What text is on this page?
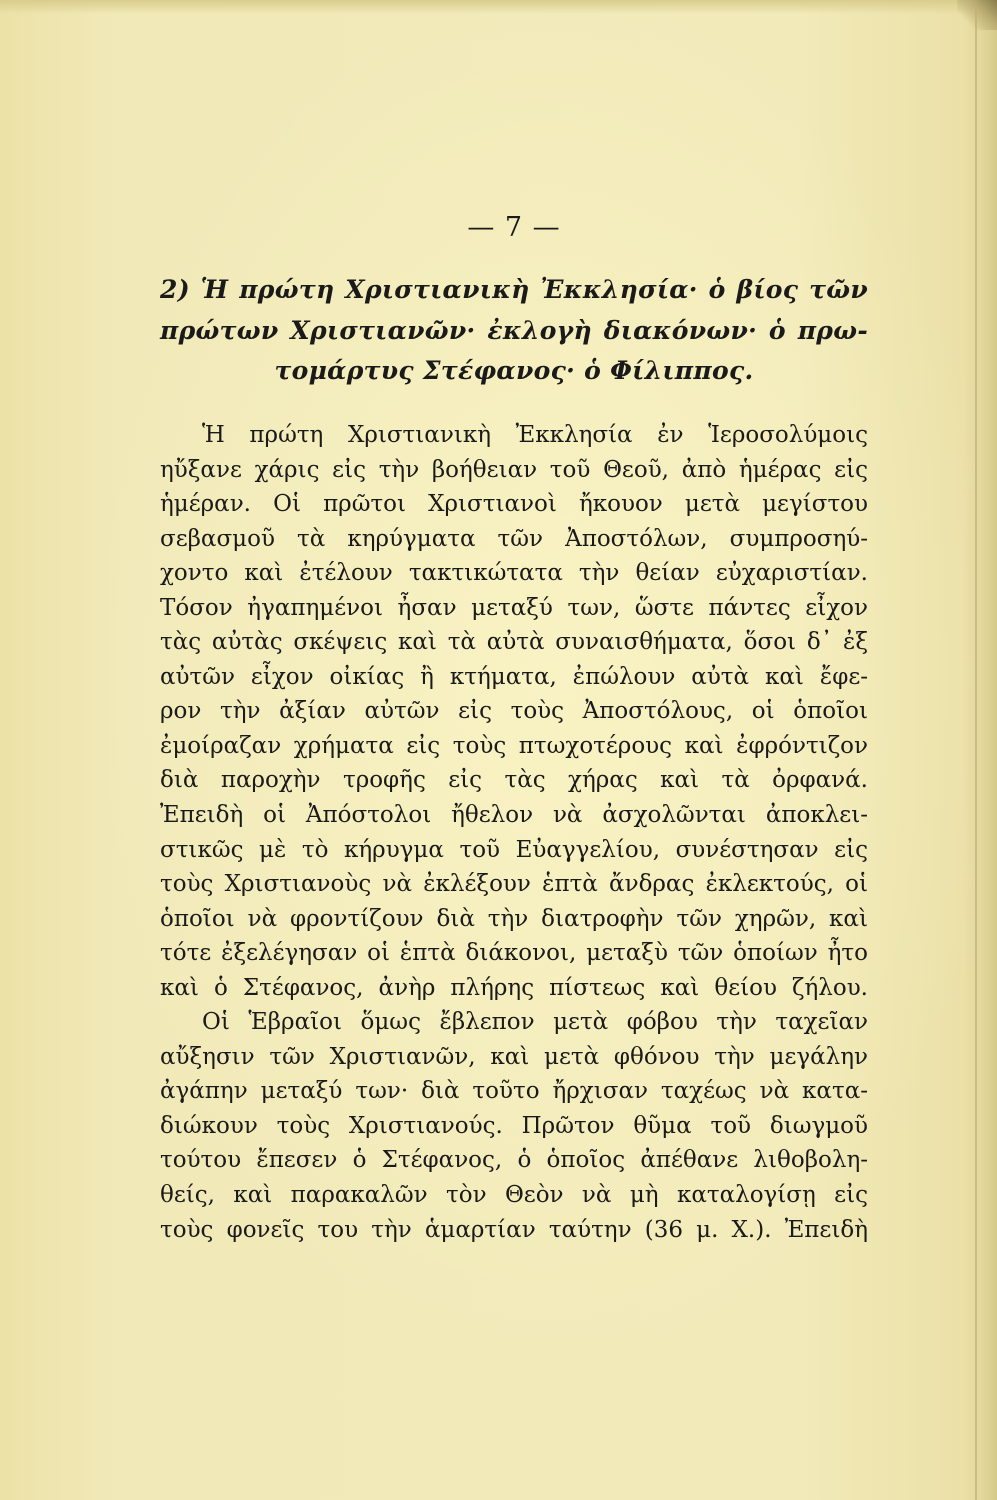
— 7 —
2) Ἡ πρώτη Χριστιανικὴ Ἐκκλησία· ὁ βίος τῶν
πρώτων Χριστιανῶν· ἐκλογὴ διακόνων· ὁ πρω-
τομάρτυς Στέφανος· ὁ Φίλιππος.
Ἡ πρώτη Χριστιανικὴ Ἐκκλησία ἐν Ἱεροσολύμοις
ηὔξανε χάρις εἰς τὴν βοήθειαν τοῦ Θεοῦ, ἀπὸ ἡμέρας εἰς
ἡμέραν. Οἱ πρῶτοι Χριστιανοὶ ἤκουον μετὰ μεγίστου
σεβασμοῦ τὰ κηρύγματα τῶν Ἀποστόλων, συμπροσηύ-
χοντο καὶ ἐτέλουν τακτικώτατα τὴν θείαν εὐχαριστίαν.
Τόσον ἠγαπημένοι ἦσαν μεταξύ των, ὥστε πάντες εἶχον
τὰς αὐτὰς σκέψεις καὶ τὰ αὐτὰ συναισθήματα, ὅσοι δ᾽ ἐξ
αὐτῶν εἶχον οἰκίας ἢ κτήματα, ἐπώλουν αὐτὰ καὶ ἔφε-
ρον τὴν ἀξίαν αὐτῶν εἰς τοὺς Ἀποστόλους, οἱ ὁποῖοι
ἐμοίραζαν χρήματα εἰς τοὺς πτωχοτέρους καὶ ἐφρόντιζον
διὰ παροχὴν τροφῆς εἰς τὰς χήρας καὶ τὰ ὀρφανά.
Ἐπειδὴ οἱ Ἀπόστολοι ἤθελον νὰ ἀσχολῶνται ἀποκλει-
στικῶς μὲ τὸ κήρυγμα τοῦ Εὐαγγελίου, συνέστησαν εἰς
τοὺς Χριστιανοὺς νὰ ἐκλέξουν ἑπτὰ ἄνδρας ἐκλεκτούς, οἱ
ὁποῖοι νὰ φροντίζουν διὰ τὴν διατροφὴν τῶν χηρῶν, καὶ
τότε ἐξελέγησαν οἱ ἑπτὰ διάκονοι, μεταξὺ τῶν ὁποίων ἦτο
καὶ ὁ Στέφανος, ἀνὴρ πλήρης πίστεως καὶ θείου ζήλου.
Οἱ Ἑβραῖοι ὅμως ἔβλεπον μετὰ φόβου τὴν ταχεῖαν
αὔξησιν τῶν Χριστιανῶν, καὶ μετὰ φθόνου τὴν μεγάλην
ἀγάπην μεταξύ των· διὰ τοῦτο ἤρχισαν ταχέως νὰ κατα-
διώκουν τοὺς Χριστιανούς. Πρῶτον θῦμα τοῦ διωγμοῦ
τούτου ἔπεσεν ὁ Στέφανος, ὁ ὁποῖος ἀπέθανε λιθοβολη-
θείς, καὶ παρακαλῶν τὸν Θεὸν νὰ μὴ καταλογίσῃ εἰς
τοὺς φονεῖς του τὴν ἁμαρτίαν ταύτην (36 μ. Χ.). Ἐπειδὴ
